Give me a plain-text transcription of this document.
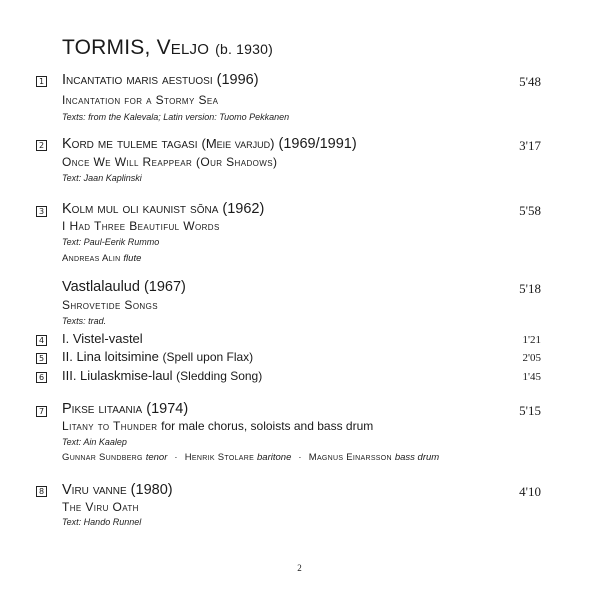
TORMIS, Veljo (b. 1930)
1 Incantatio maris aestuosi (1996)	5'48
Incantation for a Stormy Sea
Texts: from the Kalevala; Latin version: Tuomo Pekkanen
2 Kord me tuleme tagasi (Meie varjud) (1969/1991)	3'17
Once We Will Reappear (Our Shadows)
Text: Jaan Kaplinski
3 Kolm mul oli kaunist sõna (1962)	5'58
I Had Three Beautiful Words
Text: Paul-Eerik Rummo
Andreas Alin flute
Vastlalaulud (1967)	5'18
Shrovetide Songs
Texts: trad.
4 I. Vistel-vastel	1'21
5 II. Lina loitsimine (Spell upon Flax)	2'05
6 III. Liulaskmise-laul (Sledding Song)	1'45
7 Pikse litaania (1974)	5'15
Litany to Thunder for male chorus, soloists and bass drum
Text: Ain Kaalep
Gunnar Sundberg tenor · Henrik Stolare baritone · Magnus Einarsson bass drum
8 Viru vanne (1980)	4'10
The Viru Oath
Text: Hando Runnel
2
